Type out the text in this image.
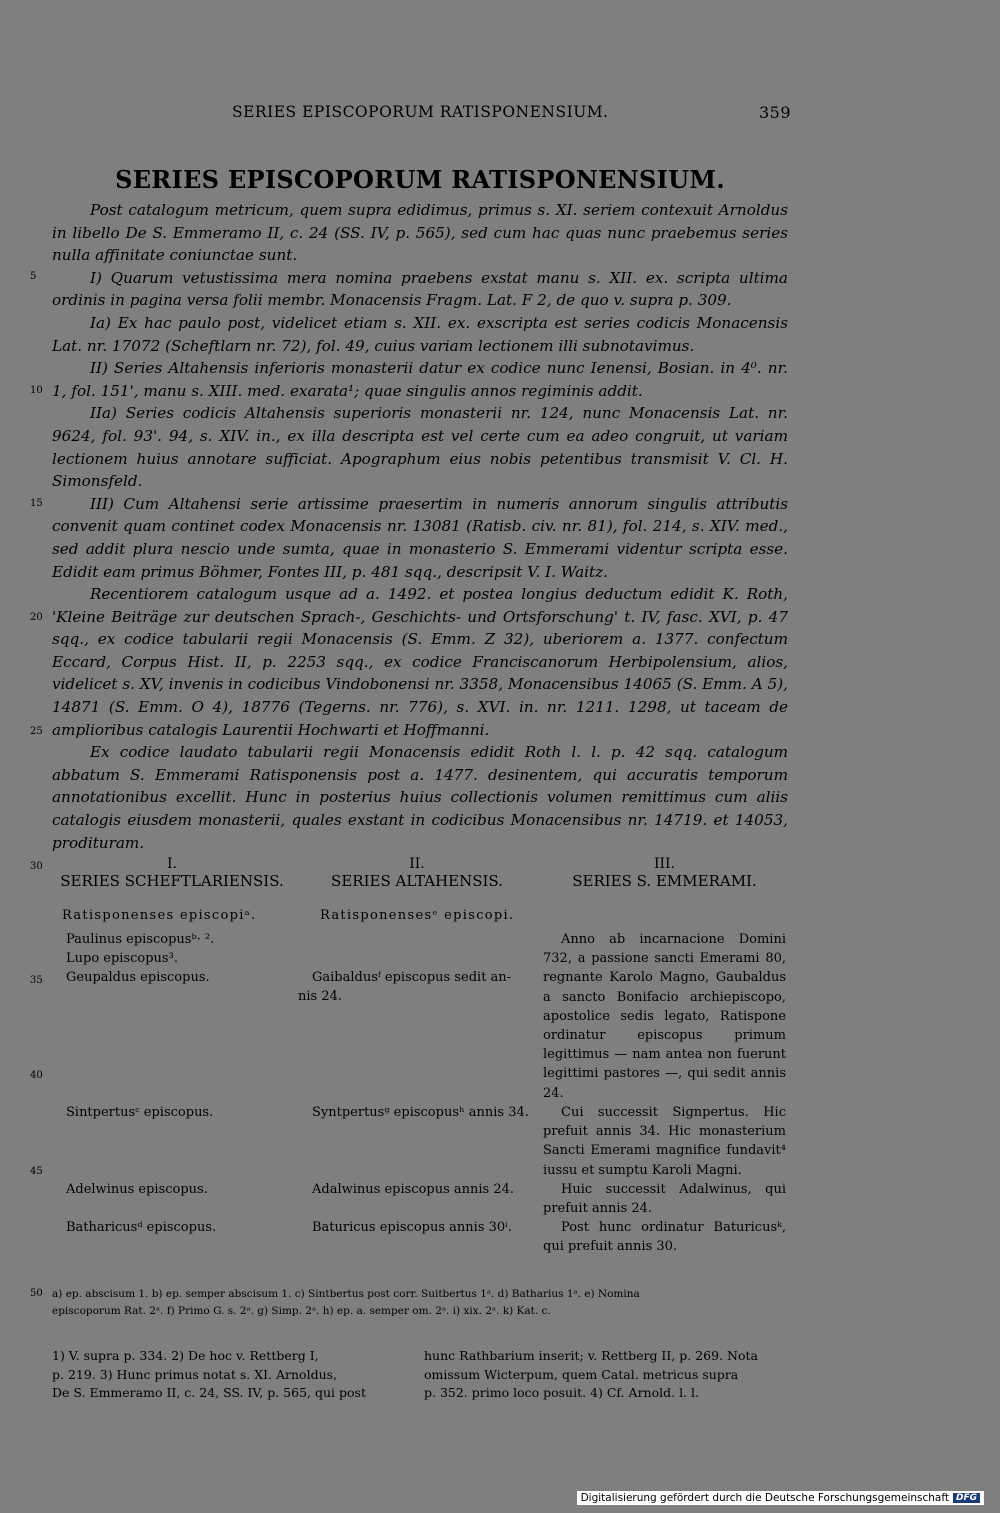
SERIES EPISCOPORUM RATISPONENSIUM.	359
SERIES EPISCOPORUM RATISPONENSIUM.

Post catalogum metricum, quem supra edidimus, primus s. XI. seriem contexuit Arnoldus in libello De S. Emmeramo II, c. 24 (SS. IV, p. 565), sed cum hac quas nunc praebemus series nulla affinitate coniunctae sunt.

I) Quarum vetustissima mera nomina praebens exstat manu s. XII. ex. scripta ultima ordinis in pagina versa folii membr. Monacensis Fragm. Lat. F 2, de quo v. supra p. 309.

Ia) Ex hac paulo post, videlicet etiam s. XII. ex. exscripta est series codicis Monacensis Lat. nr. 17072 (Scheftlarn nr. 72), fol. 49, cuius variam lectionem illi subnotavimus.

II) Series Altahensis inferioris monasterii datur ex codice nunc Ienensi, Bosian. in 4⁰. nr. 1, fol. 151', manu s. XIII. med. exarata¹; quae singulis annos regiminis addit.

IIa) Series codicis Altahensis superioris monasterii nr. 124, nunc Monacensis Lat. nr. 9624, fol. 93'. 94, s. XIV. in., ex illa descripta est vel certe cum ea adeo congruit, ut variam lectionem huius annotare sufficiat. Apographum eius nobis petentibus transmisit V. Cl. H. Simonsfeld.

III) Cum Altahensi serie artissime praesertim in numeris annorum singulis attributis convenit quam continet codex Monacensis nr. 13081 (Ratisb. civ. nr. 81), fol. 214, s. XIV. med., sed addit plura nescio unde sumta, quae in monasterio S. Emmerami videntur scripta esse. Edidit eam primus Böhmer, Fontes III, p. 481 sqq., descripsit V. I. Waitz.

Recentiorem catalogum usque ad a. 1492. et postea longius deductum edidit K. Roth, 'Kleine Beiträge zur deutschen Sprach-, Geschichts- und Ortsforschung' t. IV, fasc. XVI, p. 47 sqq., ex codice tabularii regii Monacensis (S. Emm. Z 32), uberiorem a. 1377. confectum Eccard, Corpus Hist. II, p. 2253 sqq., ex codice Franciscanorum Herbipolensium, alios, videlicet s. XV, invenis in codicibus Vindobonensi nr. 3358, Monacensibus 14065 (S. Emm. A 5), 14871 (S. Emm. O 4), 18776 (Tegerns. nr. 776), s. XVI. in. nr. 1211. 1298, ut taceam de amplioribus catalogis Laurentii Hochwarti et Hoffmanni.

Ex codice laudato tabularii regii Monacensis edidit Roth l. l. p. 42 sqq. catalogum abbatum S. Emmerami Ratisponensis post a. 1477. desinentem, qui accuratis temporum annotationibus excellit. Hunc in posterius huius collectionis volumen remittimus cum aliis catalogis eiusdem monasterii, quales exstant in codicibus Monacensibus nr. 14719. et 14053, prodituram.

5
10
15
20
25
30
35
40
45
50
I.
SERIES SCHEFTLARIENSIS.
II.
SERIES ALTAHENSIS.
III.
SERIES S. EMMERAMI.
Ratisponenses episcopiᵃ.	Ratisponensesᵉ episcopi.
Paulinus episcopusᵇ· ².
Lupo episcopus³.
Geupaldus episcopus.
Sintpertusᶜ episcopus.
Adelwinus episcopus.
Batharicusᵈ episcopus.
Gaibaldusᶠ episcopus sedit an-
nis 24.
Syntpertusᵍ episcopusʰ annis 34.
Adalwinus episcopus annis 24.
Baturicus episcopus annis 30ⁱ.
Anno ab incarnacione Domini 732, a passione sancti Emerami 80, regnante Karolo Magno, Gaubaldus a sancto Bonifacio archiepiscopo, apostolice sedis legato, Ratispone ordinatur episcopus primum legittimus — nam antea non fuerunt legittimi pastores —, qui sedit annis 24.
Cui successit Signpertus. Hic prefuit annis 34. Hic monasterium Sancti Emerami magnifice fundavit⁴ iussu et sumptu Karoli Magni.
Huic successit Adalwinus, qui prefuit annis 24.
Post hunc ordinatur Baturicusᵏ, qui prefuit annis 30.
a) ep. abscisum 1. b) ep. semper abscisum 1. c) Sintbertus post corr. Suitbertus 1ᵃ. d) Batharius 1ᵃ. e) Nomina
episcoporum Rat. 2ᵃ. f) Primo G. s. 2ᵃ. g) Simp. 2ᵃ. h) ep. a. semper om. 2ᵃ. i) xix. 2ᵃ. k) Kat. c.
1) V. supra p. 334. 2) De hoc v. Rettberg I,
p. 219. 3) Hunc primus notat s. XI. Arnoldus,
De S. Emmeramo II, c. 24, SS. IV, p. 565, qui post
hunc Rathbarium inserit; v. Rettberg II, p. 269. Nota
omissum Wicterpum, quem Catal. metricus supra
p. 352. primo loco posuit. 4) Cf. Arnold. l. l.
Digitalisierung gefördert durch die Deutsche Forschungsgemeinschaft DFG
